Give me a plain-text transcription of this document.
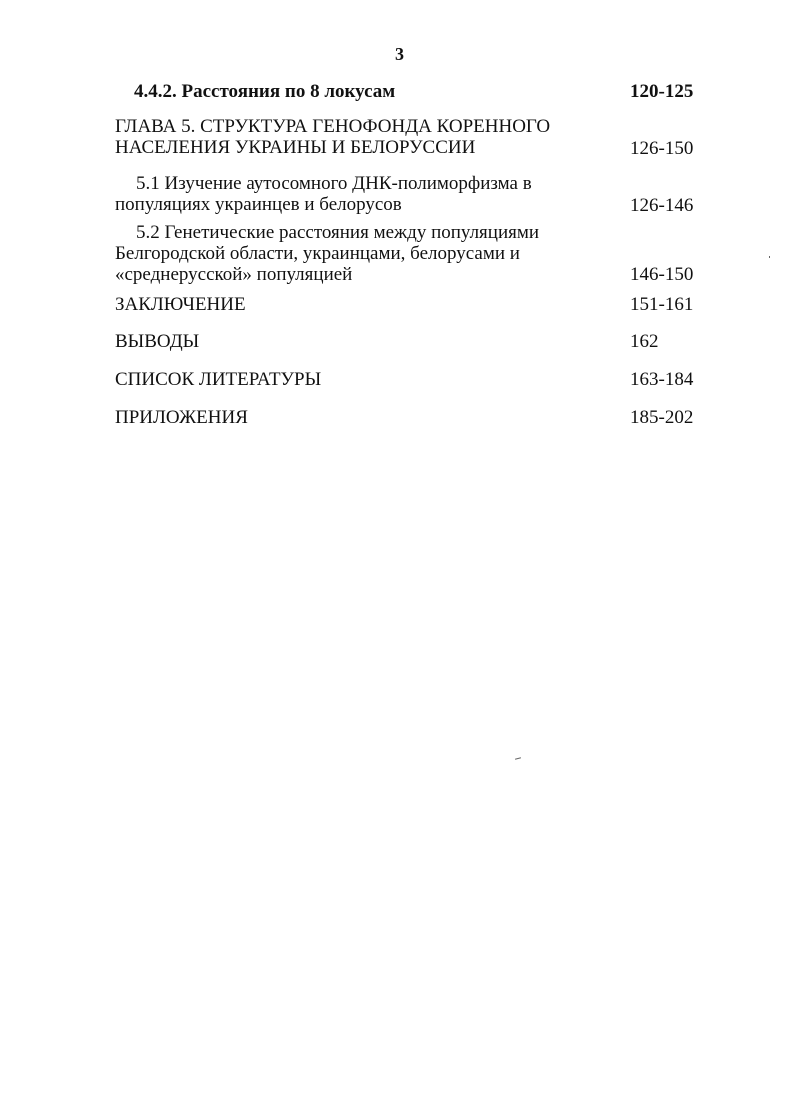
3
4.4.2. Расстояния по 8 локусам	120-125
ГЛАВА 5. СТРУКТУРА ГЕНОФОНДА КОРЕННОГО
НАСЕЛЕНИЯ УКРАИНЫ И БЕЛОРУССИИ	126-150
5.1 Изучение аутосомного ДНК-полиморфизма в
популяциях украинцев и белорусов	126-146
5.2 Генетические расстояния между популяциями
Белгородской области, украинцами, белорусами и
«среднерусской» популяцией	146-150
ЗАКЛЮЧЕНИЕ	151-161
ВЫВОДЫ	162
СПИСОК ЛИТЕРАТУРЫ	163-184
ПРИЛОЖЕНИЯ	185-202
